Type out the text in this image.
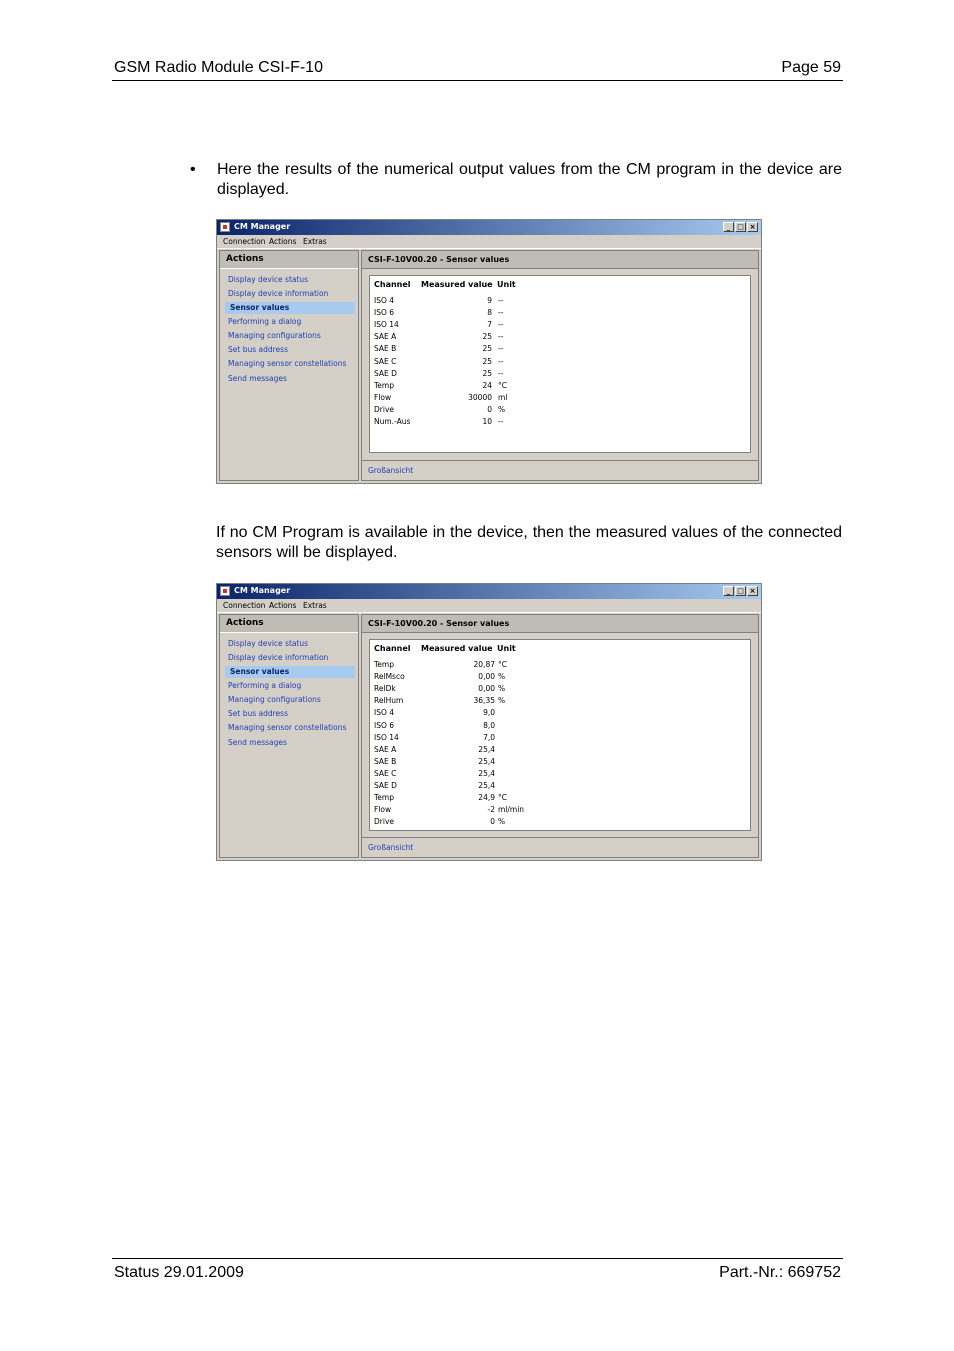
GSM Radio Module CSI-F-10	Page 59
• Here the results of the numerical output values from the CM program in the device are displayed.
CM Manager	_ □ ×
Connection Actions Extras
Actions
Display device status
Display device information
Sensor values
Performing a dialog
Managing configurations
Set bus address
Managing sensor constellations
Send messages
CSI-F-10V00.20 - Sensor values
Channel Measured value Unit
ISO 4	9 --
ISO 6	8 --
ISO 14	7 --
SAE A	25 --
SAE B	25 --
SAE C	25 --
SAE D	25 --
Temp	24 °C
Flow	30000 ml
Drive	0 %
Num.-Aus	10 --
Großansicht
If no CM Program is available in the device, then the measured values of the connected sensors will be displayed.
CM Manager	_ □ ×
Connection Actions Extras
Actions
Display device status
Display device information
Sensor values
Performing a dialog
Managing configurations
Set bus address
Managing sensor constellations
Send messages
CSI-F-10V00.20 - Sensor values
Channel Measured value Unit
Temp	20,87 °C
RelMsco	0,00 %
RelDk	0,00 %
RelHum	36,35 %
ISO 4	9,0
ISO 6	8,0
ISO 14	7,0
SAE A	25,4
SAE B	25,4
SAE C	25,4
SAE D	25,4
Temp	24,9 °C
Flow	-2 ml/min
Drive	0 %
Großansicht
Status 29.01.2009	Part.-Nr.: 669752
